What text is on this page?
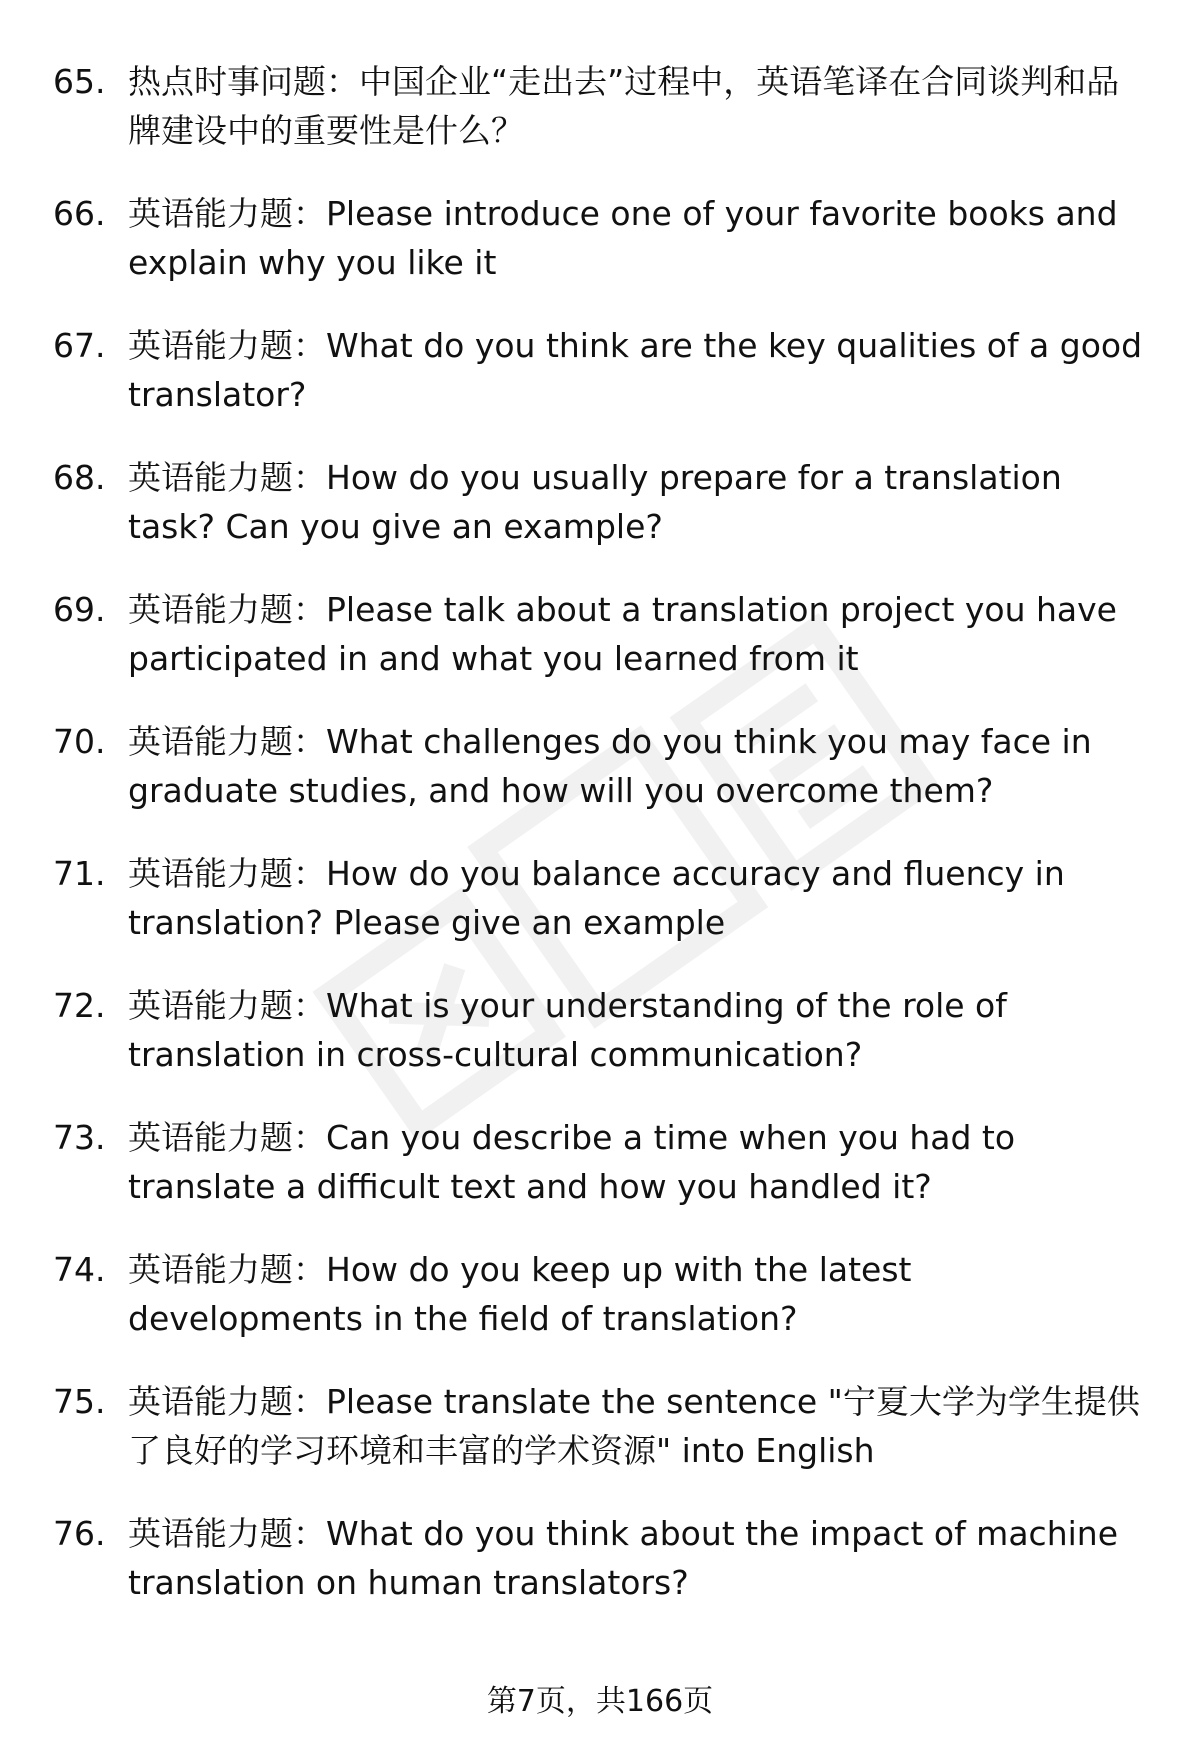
65. 热点时事问题：中国企业“走出去”过程中，英语笔译在合同谈判和品牌建设中的重要性是什么？
66. 英语能力题：Please introduce one of your favorite books and explain why you like it
67. 英语能力题：What do you think are the key qualities of a good translator?
68. 英语能力题：How do you usually prepare for a translation task? Can you give an example?
69. 英语能力题：Please talk about a translation project you have participated in and what you learned from it
70. 英语能力题：What challenges do you think you may face in graduate studies, and how will you overcome them?
71. 英语能力题：How do you balance accuracy and fluency in translation? Please give an example
72. 英语能力题：What is your understanding of the role of translation in cross-cultural communication?
73. 英语能力题：Can you describe a time when you had to translate a difficult text and how you handled it?
74. 英语能力题：How do you keep up with the latest developments in the field of translation?
75. 英语能力题：Please translate the sentence "宁夏大学为学生提供了良好的学习环境和丰富的学术资源" into English
76. 英语能力题：What do you think about the impact of machine translation on human translators?
第7页，共166页
